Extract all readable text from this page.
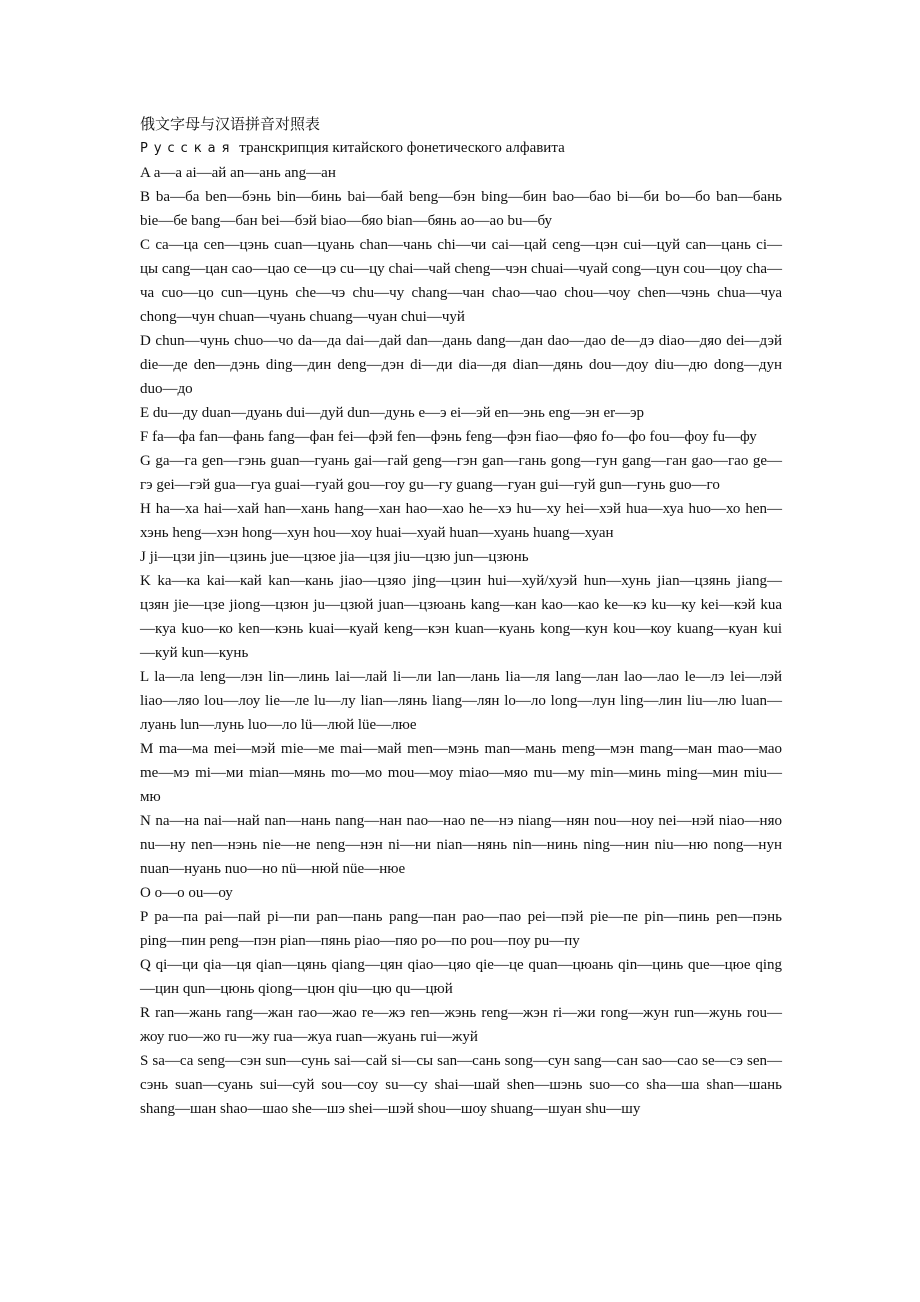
俄文字母与汉语拼音对照表

Русская транскрипция китайского фонетического алфавита

A a—а ai—ай an—ань ang—ан

B ba—ба ben—бэнь bin—бинь bai—бай beng—бэн bing—бин bao—бао bi—би bo—бо ban—бань bie—бе bang—бан bei—бэй biao—бяо bian—бянь ao—ао bu—бу

C ca—ца cen—цэнь cuan—цуань chan—чань chi—чи cai—цай ceng—цэн cui—цуй can—цань ci—цы cang—цан cao—цао ce—цэ cu—цу chai—чай cheng—чэн chuai—чуай cong—цун cou—цоу cha—ча cuo—цо cun—цунь che—чэ chu—чу chang—чан chao—чао chou—чоу chen—чэнь chua—чуа chong—чун chuan—чуань chuang—чуан chui—чуй

D chun—чунь chuo—чо da—да dai—дай dan—дань dang—дан dao—дао de—дэ diao—дяо dei—дэй die—де den—дэнь ding—дин deng—дэн di—ди dia—дя dian—дянь dou—доу diu—дю dong—дун duo—до

E du—ду duan—дуань dui—дуй dun—дунь e—э ei—эй en—энь eng—эн er—эр

F fa—фа fan—фань fang—фан fei—фэй fen—фэнь feng—фэн fiao—фяо fo—фо fou—фоу fu—фу

G ga—га gen—гэнь guan—гуань gai—гай geng—гэн gan—гань gong—гун gang—ган gao—гао ge—гэ gei—гэй gua—гуа guai—гуай gou—гоу gu—гу guang—гуан gui—гуй gun—гунь guo—го

H ha—ха hai—хай han—хань hang—хан hao—хао he—хэ hu—ху hei—хэй hua—хуа huo—хо hen—хэнь heng—хэн hong—хун hou—хоу huai—хуай huan—хуань huang—хуан

J ji—цзи jin—цзинь jue—цзюе jia—цзя jiu—цзю jun—цзюнь

K ka—ка kai—кай kan—кань jiao—цзяо jing—цзин hui—хуй/хуэй hun—хунь jian—цзянь jiang—цзян jie—цзе jiong—цзюн ju—цзюй juan—цзюань kang—кан kao—као ke—кэ ku—ку kei—кэй kua—куа kuo—ко ken—кэнь kuai—куай keng—кэн kuan—куань kong—кун kou—коу kuang—куан kui—куй kun—кунь

L la—ла leng—лэн lin—линь lai—лай li—ли lan—лань lia—ля lang—лан lao—лао le—лэ lei—лэй liao—ляо lou—лоу lie—ле lu—лу lian—лянь liang—лян lo—ло long—лун ling—лин liu—лю luan—луань lun—лунь luo—ло lü—люй lüe—люе

M ma—ма mei—мэй mie—ме mai—май men—мэнь man—мань meng—мэн mang—ман mao—мао me—мэ mi—ми mian—мянь mo—мо mou—моу miao—мяо mu—му min—минь ming—мин miu—мю

N na—на nai—най nan—нань nang—нан nao—нао ne—нэ niang—нян nou—ноу nei—нэй niao—няо nu—ну nen—нэнь nie—не neng—нэн ni—ни nian—нянь nin—нинь ning—нин niu—ню nong—нун nuan—нуань nuo—но nü—нюй nüe—нюе

O o—о ou—оу

P pa—па pai—пай pi—пи pan—пань pang—пан pao—пао pei—пэй pie—пе pin—пинь pen—пэнь ping—пин peng—пэн pian—пянь piao—пяо po—по pou—поу pu—пу

Q qi—ци qia—ця qian—цянь qiang—цян qiao—цяо qie—це quan—цюань qin—цинь que—цюе qing—цин qun—цюнь qiong—цюн qiu—цю qu—цюй

R ran—жань rang—жан rao—жао re—жэ ren—жэнь reng—жэн ri—жи rong—жун run—жунь rou—жоу ruo—жо ru—жу rua—жуа ruan—жуань rui—жуй

S sa—са seng—сэн sun—сунь sai—сай si—сы san—сань song—сун sang—сан sao—сао se—сэ sen—сэнь suan—суань sui—суй sou—соу su—су shai—шай shen—шэнь suo—со sha—ша shan—шань shang—шан shao—шао she—шэ shei—шэй shou—шоу shuang—шуан shu—шу
